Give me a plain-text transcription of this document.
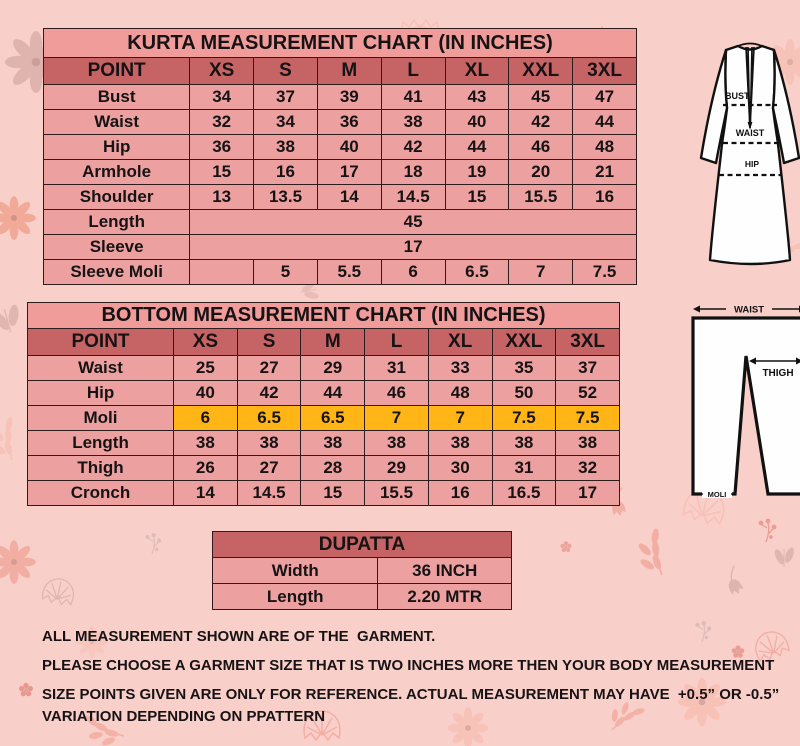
KURTA MEASUREMENT CHART (IN INCHES)
POINT	XS	S	M	L	XL	XXL	3XL
Bust	34	37	39	41	43	45	47
Waist	32	34	36	38	40	42	44
Hip	36	38	40	42	44	46	48
Armhole	15	16	17	18	19	20	21
Shoulder	13	13.5	14	14.5	15	15.5	16
Length	45						
Sleeve	17						
Sleeve Moli		5	5.5	6	6.5	7	7.5
BOTTOM MEASUREMENT CHART (IN INCHES)
POINT	XS	S	M	L	XL	XXL	3XL
Waist	25	27	29	31	33	35	37
Hip	40	42	44	46	48	50	52
Moli	6	6.5	6.5	7	7	7.5	7.5
Length	38	38	38	38	38	38	38
Thigh	26	27	28	29	30	31	32
Cronch	14	14.5	15	15.5	16	16.5	17
DUPATTA
Width	36 INCH
Length	2.20 MTR
BUST
WAIST
HIP
WAIST
THIGH
MOLI
ALL MEASUREMENT SHOWN ARE OF THE  GARMENT.
PLEASE CHOOSE A GARMENT SIZE THAT IS TWO INCHES MORE THEN YOUR BODY MEASUREMENT
SIZE POINTS GIVEN ARE ONLY FOR REFERENCE. ACTUAL MEASUREMENT MAY HAVE  +0.5” OR -0.5” VARIATION DEPENDING ON PPATTERN
